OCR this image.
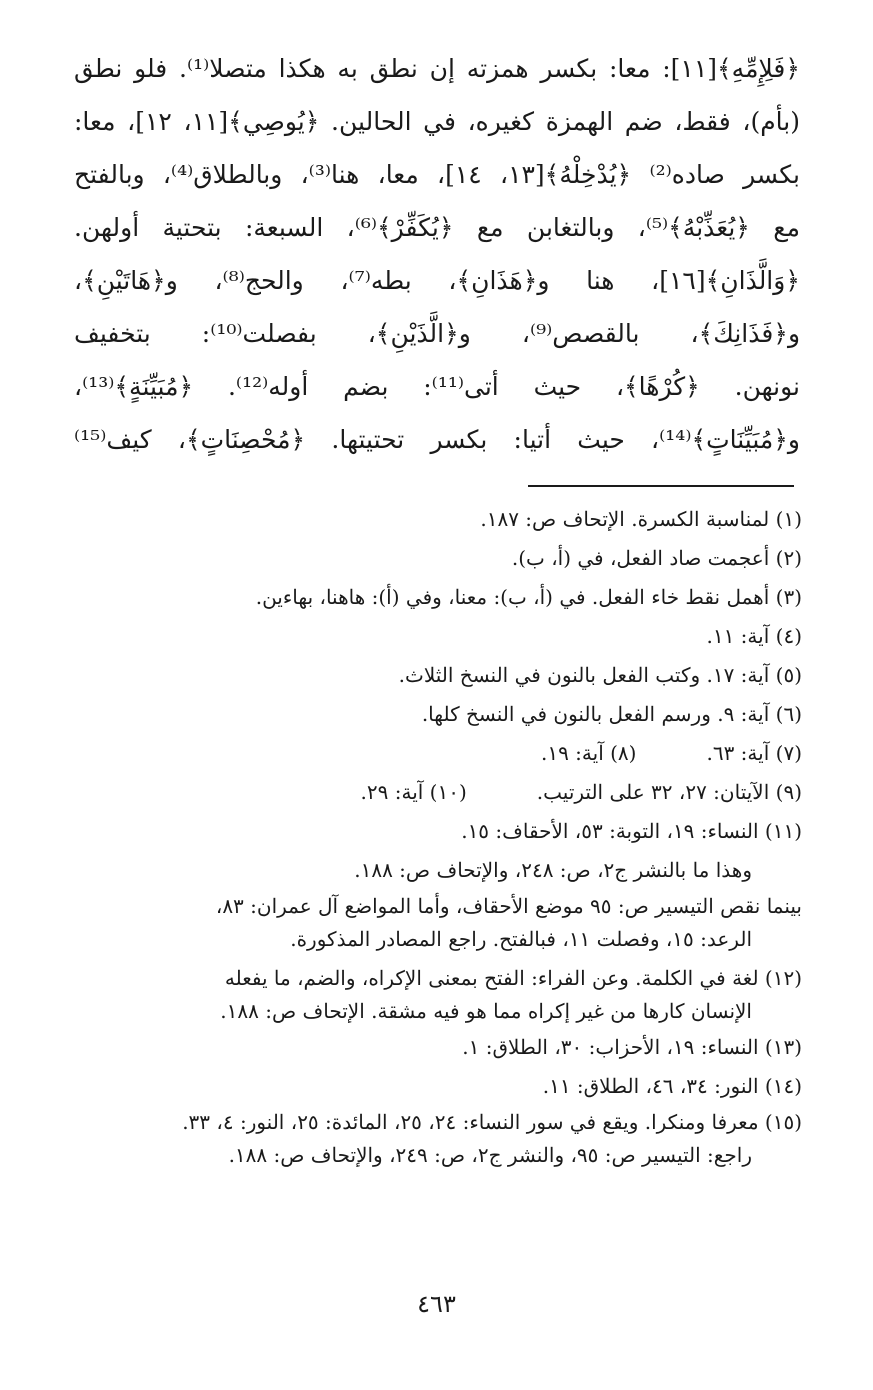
﴿فَلِإِمِّهِ﴾[١١]: معا: بكسر همزته إن نطق به هكذا متصلا⁽¹⁾. فلو نطق
(بأم)، فقط، ضم الهمزة كغيره، في الحالين. ﴿يُوصِي﴾[١١، ١٢]، معا:
بكسر صاده⁽²⁾ ﴿يُدْخِلْهُ﴾[١٣، ١٤]، معا، هنا⁽³⁾، وبالطلاق⁽⁴⁾، وبالفتح
مع ﴿يُعَذِّبْهُ﴾⁽⁵⁾، وبالتغابن مع ﴿يُكَفِّرْ﴾⁽⁶⁾، السبعة: بتحتية أولهن.
﴿وَالَّذَانِ﴾[١٦]، هنا و﴿هَذَانِ﴾، بطه⁽⁷⁾، والحج⁽⁸⁾، و﴿هَاتَيْنِ﴾،
و﴿فَذَانِكَ﴾، بالقصص⁽⁹⁾، و﴿الَّذَيْنِ﴾، بفصلت⁽¹⁰⁾: بتخفيف
نونهن. ﴿كُرْهًا﴾، حيث أتى⁽¹¹⁾: بضم أوله⁽¹²⁾. ﴿مُبَيِّنَةٍ﴾⁽¹³⁾،
و﴿مُبَيِّنَاتٍ﴾⁽¹⁴⁾، حيث أتيا: بكسر تحتيتها. ﴿مُحْصِنَاتٍ﴾، كيف⁽¹⁵⁾
(١) لمناسبة الكسرة. الإتحاف ص: ١٨٧.
(٢) أعجمت صاد الفعل، في (أ، ب).
(٣) أهمل نقط خاء الفعل. في (أ، ب): معنا، وفي (أ): هاهنا، بهاءين.
(٤) آية: ١١.
(٥) آية: ١٧. وكتب الفعل بالنون في النسخ الثلاث.
(٦) آية: ٩. ورسم الفعل بالنون في النسخ كلها.
(٧) آية: ٦٣.
(٨) آية: ١٩.
(٩) الآيتان: ٢٧، ٣٢ على الترتيب.
(١٠) آية: ٢٩.
(١١) النساء: ١٩، التوبة: ٥٣، الأحقاف: ١٥.
وهذا ما بالنشر ج٢، ص: ٢٤٨، والإتحاف ص: ١٨٨.
بينما نقص التيسير ص: ٩٥ موضع الأحقاف، وأما المواضع آل عمران: ٨٣،
الرعد: ١٥، وفصلت ١١، فبالفتح. راجع المصادر المذكورة.
(١٢) لغة في الكلمة. وعن الفراء: الفتح بمعنى الإكراه، والضم، ما يفعله
الإنسان كارها من غير إكراه مما هو فيه مشقة. الإتحاف ص: ١٨٨.
(١٣) النساء: ١٩، الأحزاب: ٣٠، الطلاق: ١.
(١٤) النور: ٣٤، ٤٦، الطلاق: ١١.
(١٥) معرفا ومنكرا. ويقع في سور النساء: ٢٤، ٢٥، المائدة: ٢٥، النور: ٤، ٣٣.
راجع: التيسير ص: ٩٥، والنشر ج٢، ص: ٢٤٩، والإتحاف ص: ١٨٨.
٤٦٣
